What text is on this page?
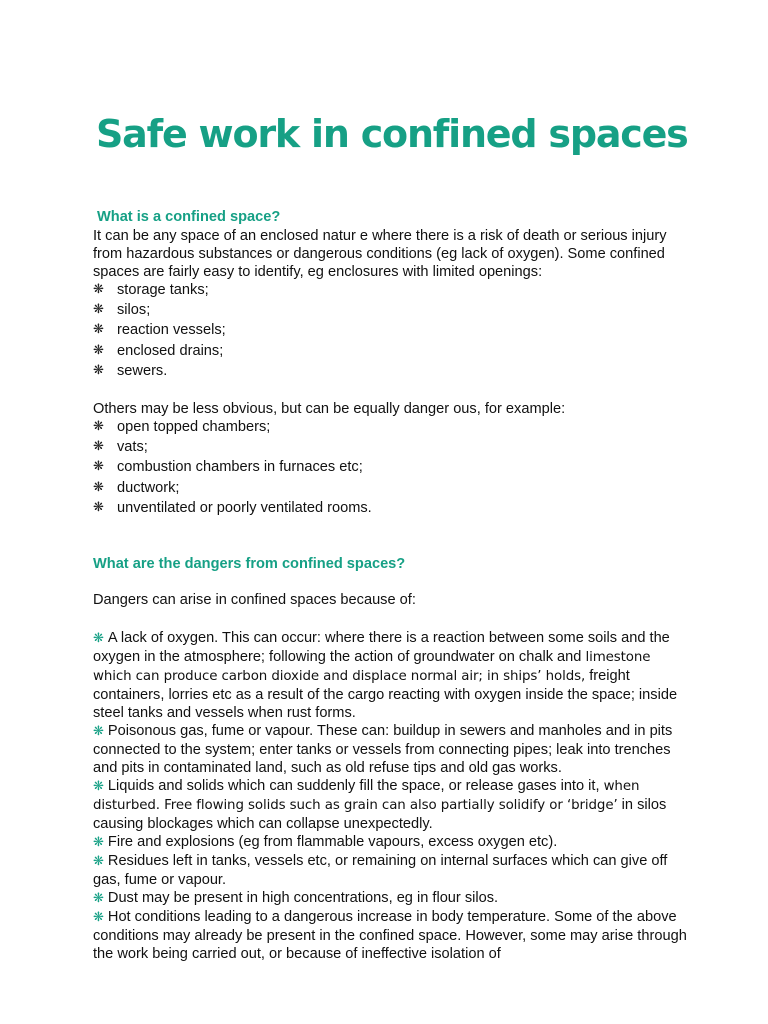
Safe work in confined spaces
What is a confined space?

It can be any space of an enclosed natur e where there is a risk of death or serious injury from hazardous substances or dangerous conditions (eg lack of oxygen). Some confined spaces are fairly easy to identify, eg enclosures with limited openings:

❋ storage tanks;
❋ silos;
❋ reaction vessels;
❋ enclosed drains;
❋ sewers.

Others may be less obvious, but can be equally danger ous, for example:

❋ open topped chambers;
❋ vats;
❋ combustion chambers in furnaces etc;
❋ ductwork;
❋ unventilated or poorly ventilated rooms.
What are the dangers from confined spaces?

Dangers can arise in confined spaces because of:

❋ A lack of oxygen. This can occur: where there is a reaction between some soils and the oxygen in the atmosphere; following the action of groundwater on chalk and limestone which can produce carbon dioxide and displace normal air; in ships’ holds, freight containers, lorries etc as a result of the cargo reacting with oxygen inside the space; inside steel tanks and vessels when rust forms.

❋ Poisonous gas, fume or vapour. These can: buildup in sewers and manholes and in pits connected to the system; enter tanks or vessels from connecting pipes; leak into trenches and pits in contaminated land, such as old refuse tips and old gas works.

❋ Liquids and solids which can suddenly fill the space, or release gases into it, when disturbed. Free flowing solids such as grain can also partially solidify or ‘bridge’ in silos causing blockages which can collapse unexpectedly.

❋ Fire and explosions (eg from flammable vapours, excess oxygen etc).

❋ Residues left in tanks, vessels etc, or remaining on internal surfaces which can give off gas, fume or vapour.

❋ Dust may be present in high concentrations, eg in flour silos.

❋ Hot conditions leading to a dangerous increase in body temperature. Some of the above conditions may already be present in the confined space. However, some may arise through the work being carried out, or because of ineffective isolation of
